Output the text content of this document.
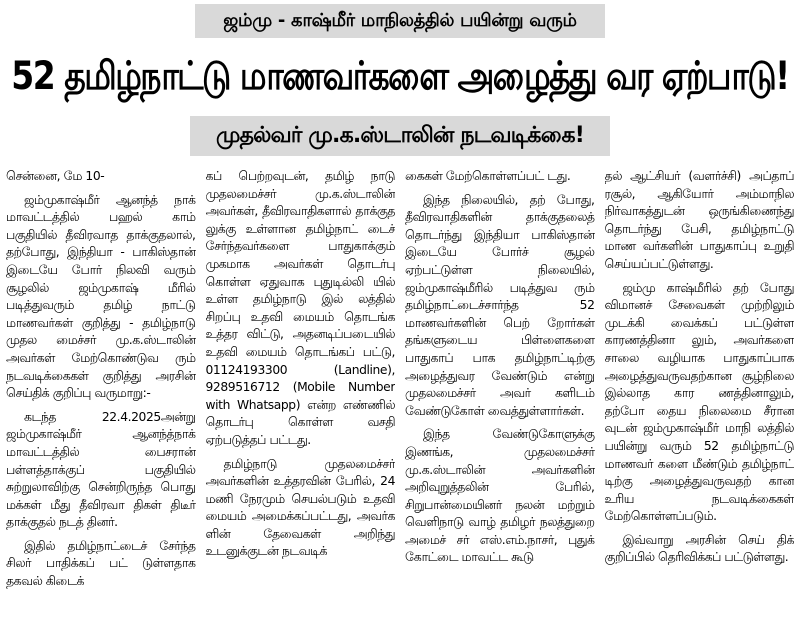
ஜம்மு - காஷ்மீர் மாநிலத்தில் பயின்று வரும்
52 தமிழ்நாட்டு மாணவர்களை அழைத்து வர ஏற்பாடு!
முதல்வர் மு.க.ஸ்டாலின் நடவடிக்கை!

சென்னை, மே 10-

ஜம்முகாஷ்மீர் ஆனந்த் நாக் மாவட்டத்தில் பஹல் காம் பகுதியில் தீவிரவாத தாக்குதலால், தற்போது, இந்தியா - பாகிஸ்தான் இடையே போர் நிலவி வரும் சூழலில் ஜம்முகாஷ் மீரில் படித்துவரும் தமிழ் நாட்டு மாணவர்கள் குறித்து - தமிழ்நாடு முதல மைச்சர் மு.க.ஸ்டாலின் அவர்கள் மேற்கொண்டுவ ரும் நடவடிக்கைகள் குறித்து அரசின் செய்திக் குறிப்பு வருமாறு:-

கடந்த 22.4.2025அன்று ஜம்முகாஷ்மீர் ஆனந்த்நாக் மாவட்டத்தில் பைசரான் பள்ளத்தாக்குப் பகுதியில் சுற்றுலாவிற்கு சென்றிருந்த பொது மக்கள் மீது தீவிரவா திகள் திடீர் தாக்குதல் நடத் தினர்.

இதில் தமிழ்நாட்டைச் சேர்ந்த சிலர் பாதிக்கப் பட் டுள்ளதாக தகவல் கிடைக்

கப் பெற்றவுடன், தமிழ் நாடு முதலமைச்சர் மு.க.ஸ்டாலின் அவர்கள், தீவிரவாதிகளால் தாக்குத லுக்கு உள்ளான தமிழ்நாட் டைச் சேர்ந்தவர்களை பாதுகாக்கும் முகமாக அவர்கள் தொடர்பு கொள்ள ஏதுவாக புதுடில்லி யில் உள்ள தமிழ்நாடு இல் லத்தில் சிறப்பு உதவி மையம் தொடங்க உத்தர விட்டு, அதனடிப்படையில் உதவி மையம் தொடங்கப் பட்டு, 01124193300 (Landline), 9289516712 (Mobile Number with Whatsapp) என்ற எண்ணில் தொடர்பு கொள்ள வசதி ஏற்படுத்தப் பட்டது.

தமிழ்நாடு முதலமைச்சர் அவர்களின் உத்தரவின் பேரில், 24 மணி நேரமும் செயல்படும் உதவி மையம் அமைக்கப்பட்டது, அவர்க ளின் தேவைகள் அறிந்து உடனுக்குடன் நடவடிக்

கைகள் மேற்கொள்ளப்பட் டது.

இந்த நிலையில், தற் போது, தீவிரவாதிகளின் தாக்குதலைத் தொடர்ந்து இந்தியா பாகிஸ்தான் இடையே போர்ச் சூழல் ஏற்பட்டுள்ள நிலையில், ஜம்முகாஷ்மீரில் படித்துவ ரும் தமிழ்நாட்டைச்சார்ந்த 52 மாணவர்களின் பெற் றோர்கள் தங்களுடைய பிள்ளைகளை பாதுகாப் பாக தமிழ்நாட்டிற்கு அழைத்துவர வேண்டும் என்று முதலமைச்சர் அவர் களிடம் வேண்டுகோள் வைத்துள்ளார்கள்.

இந்த வேண்டுகோளுக்கு இணங்க, முதலமைச்சர் மு.க.ஸ்டாலின் அவர்களின் அறிவுறுத்தலின் பேரில், சிறுபான்மையினர் நலன் மற்றும் வெளிநாடு வாழ் தமிழர் நலத்துறை அமைச் சர் எஸ்.எம்.நாசர், புதுக் கோட்டை மாவட்ட கூடு

தல் ஆட்சியர் (வளர்ச்சி) அப்தாப் ரசூல், ஆகியோர் அம்மாநில நிர்வாகத்துடன் ஒருங்கிணைந்து தொடர்ந்து பேசி, தமிழ்நாட்டு மாண வர்களின் பாதுகாப்பு உறுதி செய்யப்பட்டுள்ளது.

ஜம்மு காஷ்மீரில் தற் போது விமானச் சேவைகள் முற்றிலும் முடக்கி வைக்கப் பட்டுள்ள காரணத்தினா லும், அவர்களை சாலை வழியாக பாதுகாப்பாக அழைத்துவருவதற்கான சூழ்நிலை இல்லாத கார ணத்தினாலும், தற்போ தைய நிலைமை சீரான வுடன் ஜம்முகாஷ்மீர் மாநி லத்தில் பயின்று வரும் 52 தமிழ்நாட்டு மாணவர் களை மீண்டும் தமிழ்நாட் டிற்கு அழைத்துவருவதற் கான உரிய நடவடிக்கைகள் மேற்கொள்ளப்படும்.

இவ்வாறு அரசின் செய் திக் குறிப்பில் தெரிவிக்கப் பட்டுள்ளது.
